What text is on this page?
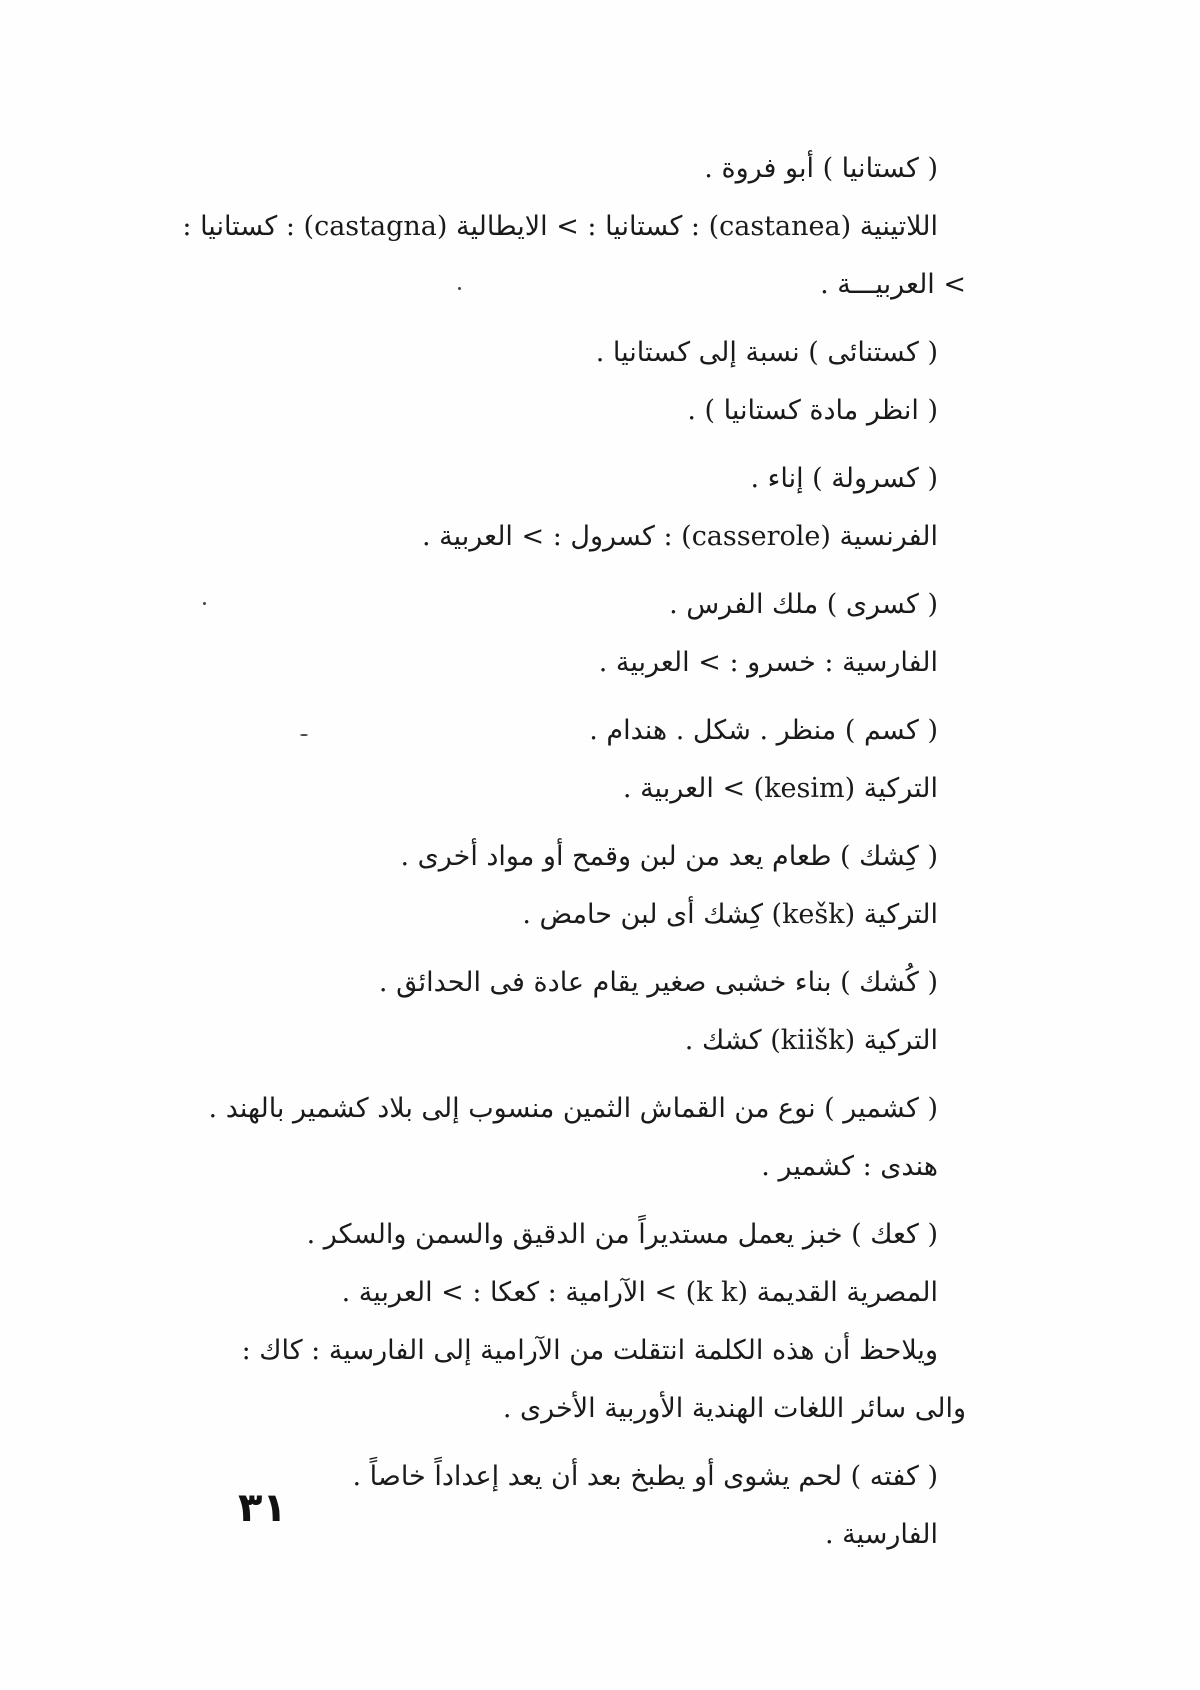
( كستانيا ) أبو فروة .
اللاتينية (castanea) : كستانيا : > الايطالية (castagna) : كستانيا :
> العربيـــة .
( كستنائى ) نسبة إلى كستانيا .
( انظر مادة كستانيا ) .
( كسرولة ) إناء .
الفرنسية (casserole) : كسرول : > العربية .
( كسرى ) ملك الفرس .
الفارسية : خسرو : > العربية .
( كسم ) منظر . شكل . هندام .
التركية (kesim) > العربية .
( كِشك ) طعام يعد من لبن وقمح أو مواد أخرى .
التركية (kešk) كِشك أى لبن حامض .
( كُشك ) بناء خشبى صغير يقام عادة فى الحدائق .
التركية (kiišk) كشك .
( كشمير ) نوع من القماش الثمين منسوب إلى بلاد كشمير بالهند .
هندى : كشمير .
( كعك ) خبز يعمل مستديراً من الدقيق والسمن والسكر .
المصرية القديمة (k k) > الآرامية : كعكا : > العربية .
ويلاحظ أن هذه الكلمة انتقلت من الآرامية إلى الفارسية : كاك :
والى سائر اللغات الهندية الأوربية الأخرى .
( كفته ) لحم يشوى أو يطبخ بعد أن يعد إعداداً خاصاً .
الفارسية .
٣١
